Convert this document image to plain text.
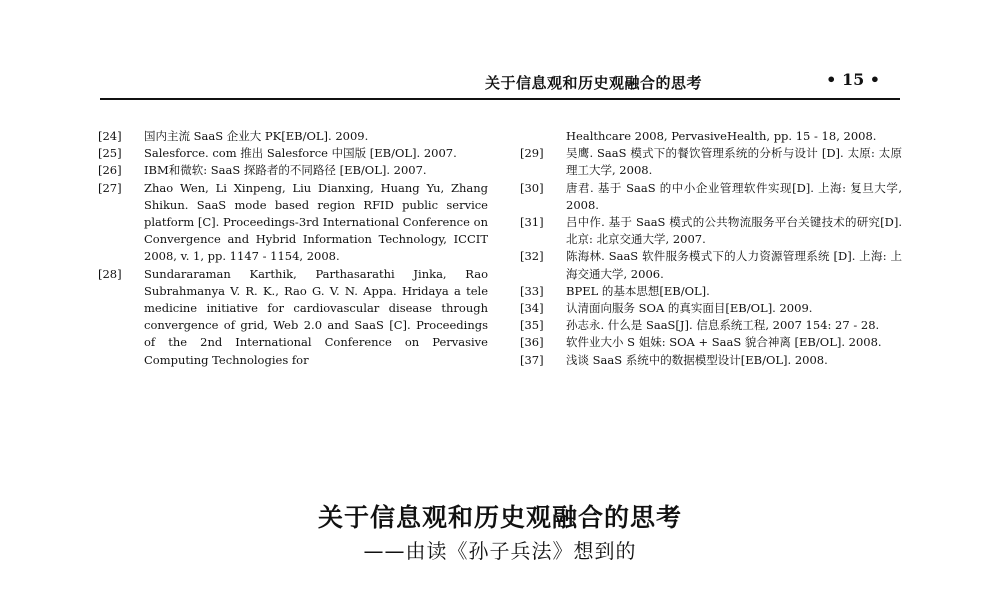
关于信息观和历史观融合的思考	• 15 •
[24]	国内主流 SaaS 企业大 PK[EB/OL]. 2009.
[25]	Salesforce. com 推出 Salesforce 中国版 [EB/OL]. 2007.
[26]	IBM和微软: SaaS 探路者的不同路径 [EB/OL]. 2007.
[27]	Zhao Wen, Li Xinpeng, Liu Dianxing, Huang Yu, Zhang Shikun. SaaS mode based region RFID public service platform [C]. Proceedings-3rd International Conference on Convergence and Hybrid Information Technology, ICCIT 2008, v. 1, pp. 1147 - 1154, 2008.
[28]	Sundararaman Karthik, Parthasarathi Jinka, Rao Subrahmanya V. R. K., Rao G. V. N. Appa. Hridaya a tele medicine initiative for cardiovascular disease through convergence of grid, Web 2.0 and SaaS [C]. Proceedings of the 2nd International Conference on Pervasive Computing Technologies for
Healthcare 2008, PervasiveHealth, pp. 15 - 18, 2008.
[29]	吴鹰. SaaS 模式下的餐饮管理系统的分析与设计 [D]. 太原: 太原理工大学, 2008.
[30]	唐君. 基于 SaaS 的中小企业管理软件实现[D]. 上海: 复旦大学, 2008.
[31]	吕中作. 基于 SaaS 模式的公共物流服务平台关键技术的研究[D]. 北京: 北京交通大学, 2007.
[32]	陈海林. SaaS 软件服务模式下的人力资源管理系统 [D]. 上海: 上海交通大学, 2006.
[33]	BPEL 的基本思想[EB/OL].
[34]	认清面向服务 SOA 的真实面目[EB/OL]. 2009.
[35]	孙志永. 什么是 SaaS[J]. 信息系统工程, 2007 154: 27 - 28.
[36]	软件业大小 S 姐妹: SOA + SaaS 貌合神离 [EB/OL]. 2008.
[37]	浅谈 SaaS 系统中的数据模型设计[EB/OL]. 2008.
关于信息观和历史观融合的思考
——由读《孙子兵法》想到的
